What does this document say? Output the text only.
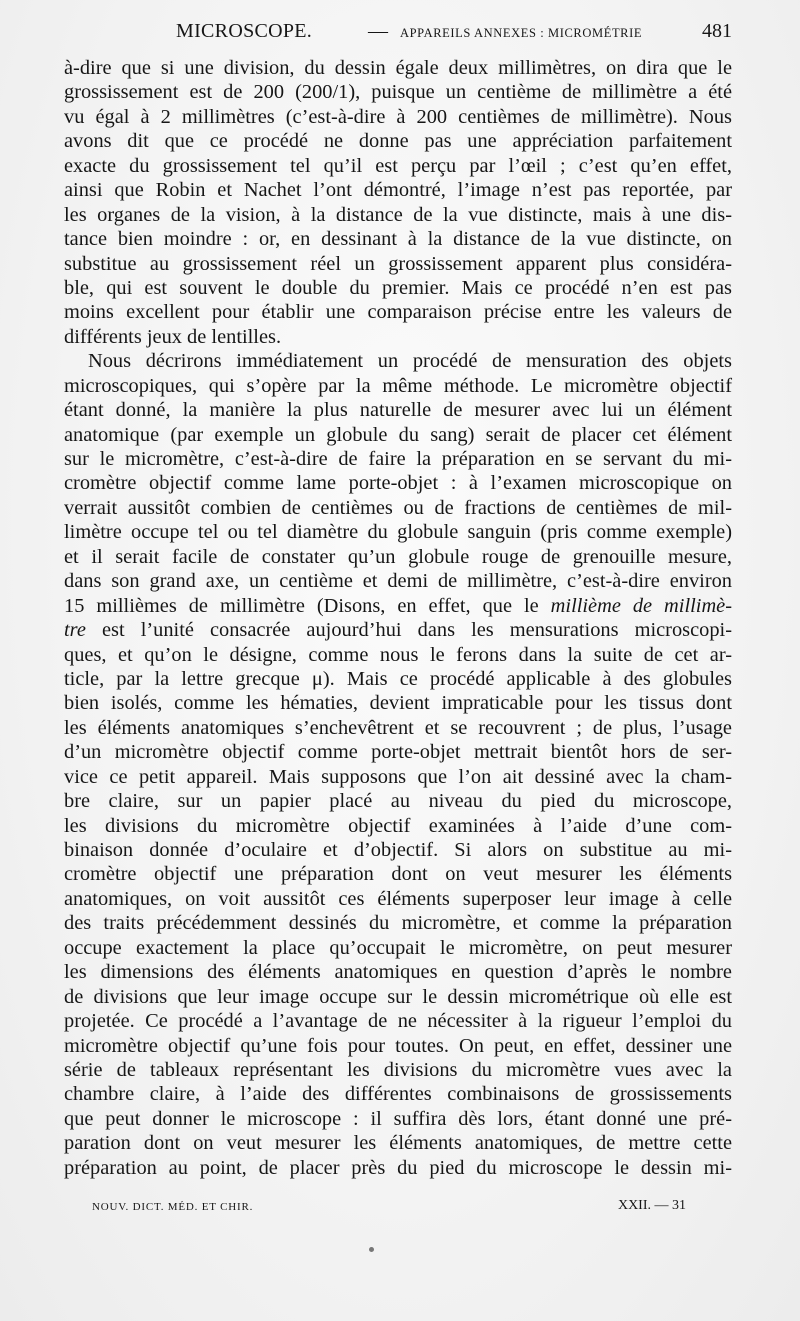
MICROSCOPE.	— APPAREILS ANNEXES : MICROMÉTRIE	481
à-dire que si une division, du dessin égale deux millimètres, on dira que le
grossissement est de 200 (200/1), puisque un centième de millimètre a été
vu égal à 2 millimètres (c’est-à-dire à 200 centièmes de millimètre). Nous
avons dit que ce procédé ne donne pas une appréciation parfaitement
exacte du grossissement tel qu’il est perçu par l’œil ; c’est qu’en effet,
ainsi que Robin et Nachet l’ont démontré, l’image n’est pas reportée, par
les organes de la vision, à la distance de la vue distincte, mais à une dis-
tance bien moindre : or, en dessinant à la distance de la vue distincte, on
substitue au grossissement réel un grossissement apparent plus considéra-
ble, qui est souvent le double du premier. Mais ce procédé n’en est pas
moins excellent pour établir une comparaison précise entre les valeurs de
différents jeux de lentilles.
Nous décrirons immédiatement un procédé de mensuration des objets
microscopiques, qui s’opère par la même méthode. Le micromètre objectif
étant donné, la manière la plus naturelle de mesurer avec lui un élément
anatomique (par exemple un globule du sang) serait de placer cet élément
sur le micromètre, c’est-à-dire de faire la préparation en se servant du mi-
cromètre objectif comme lame porte-objet : à l’examen microscopique on
verrait aussitôt combien de centièmes ou de fractions de centièmes de mil-
limètre occupe tel ou tel diamètre du globule sanguin (pris comme exemple)
et il serait facile de constater qu’un globule rouge de grenouille mesure,
dans son grand axe, un centième et demi de millimètre, c’est-à-dire environ
15 millièmes de millimètre (Disons, en effet, que le millième de millimè-
tre est l’unité consacrée aujourd’hui dans les mensurations microscopi-
ques, et qu’on le désigne, comme nous le ferons dans la suite de cet ar-
ticle, par la lettre grecque μ). Mais ce procédé applicable à des globules
bien isolés, comme les hématies, devient impraticable pour les tissus dont
les éléments anatomiques s’enchevêtrent et se recouvrent ; de plus, l’usage
d’un micromètre objectif comme porte-objet mettrait bientôt hors de ser-
vice ce petit appareil. Mais supposons que l’on ait dessiné avec la cham-
bre claire, sur un papier placé au niveau du pied du microscope,
les divisions du micromètre objectif examinées à l’aide d’une com-
binaison donnée d’oculaire et d’objectif. Si alors on substitue au mi-
cromètre objectif une préparation dont on veut mesurer les éléments
anatomiques, on voit aussitôt ces éléments superposer leur image à celle
des traits précédemment dessinés du micromètre, et comme la préparation
occupe exactement la place qu’occupait le micromètre, on peut mesurer
les dimensions des éléments anatomiques en question d’après le nombre
de divisions que leur image occupe sur le dessin micrométrique où elle est
projetée. Ce procédé a l’avantage de ne nécessiter à la rigueur l’emploi du
micromètre objectif qu’une fois pour toutes. On peut, en effet, dessiner une
série de tableaux représentant les divisions du micromètre vues avec la
chambre claire, à l’aide des différentes combinaisons de grossissements
que peut donner le microscope : il suffira dès lors, étant donné une pré-
paration dont on veut mesurer les éléments anatomiques, de mettre cette
préparation au point, de placer près du pied du microscope le dessin mi-
NOUV. DICT. MÉD. ET CHIR.	XXII. — 31
